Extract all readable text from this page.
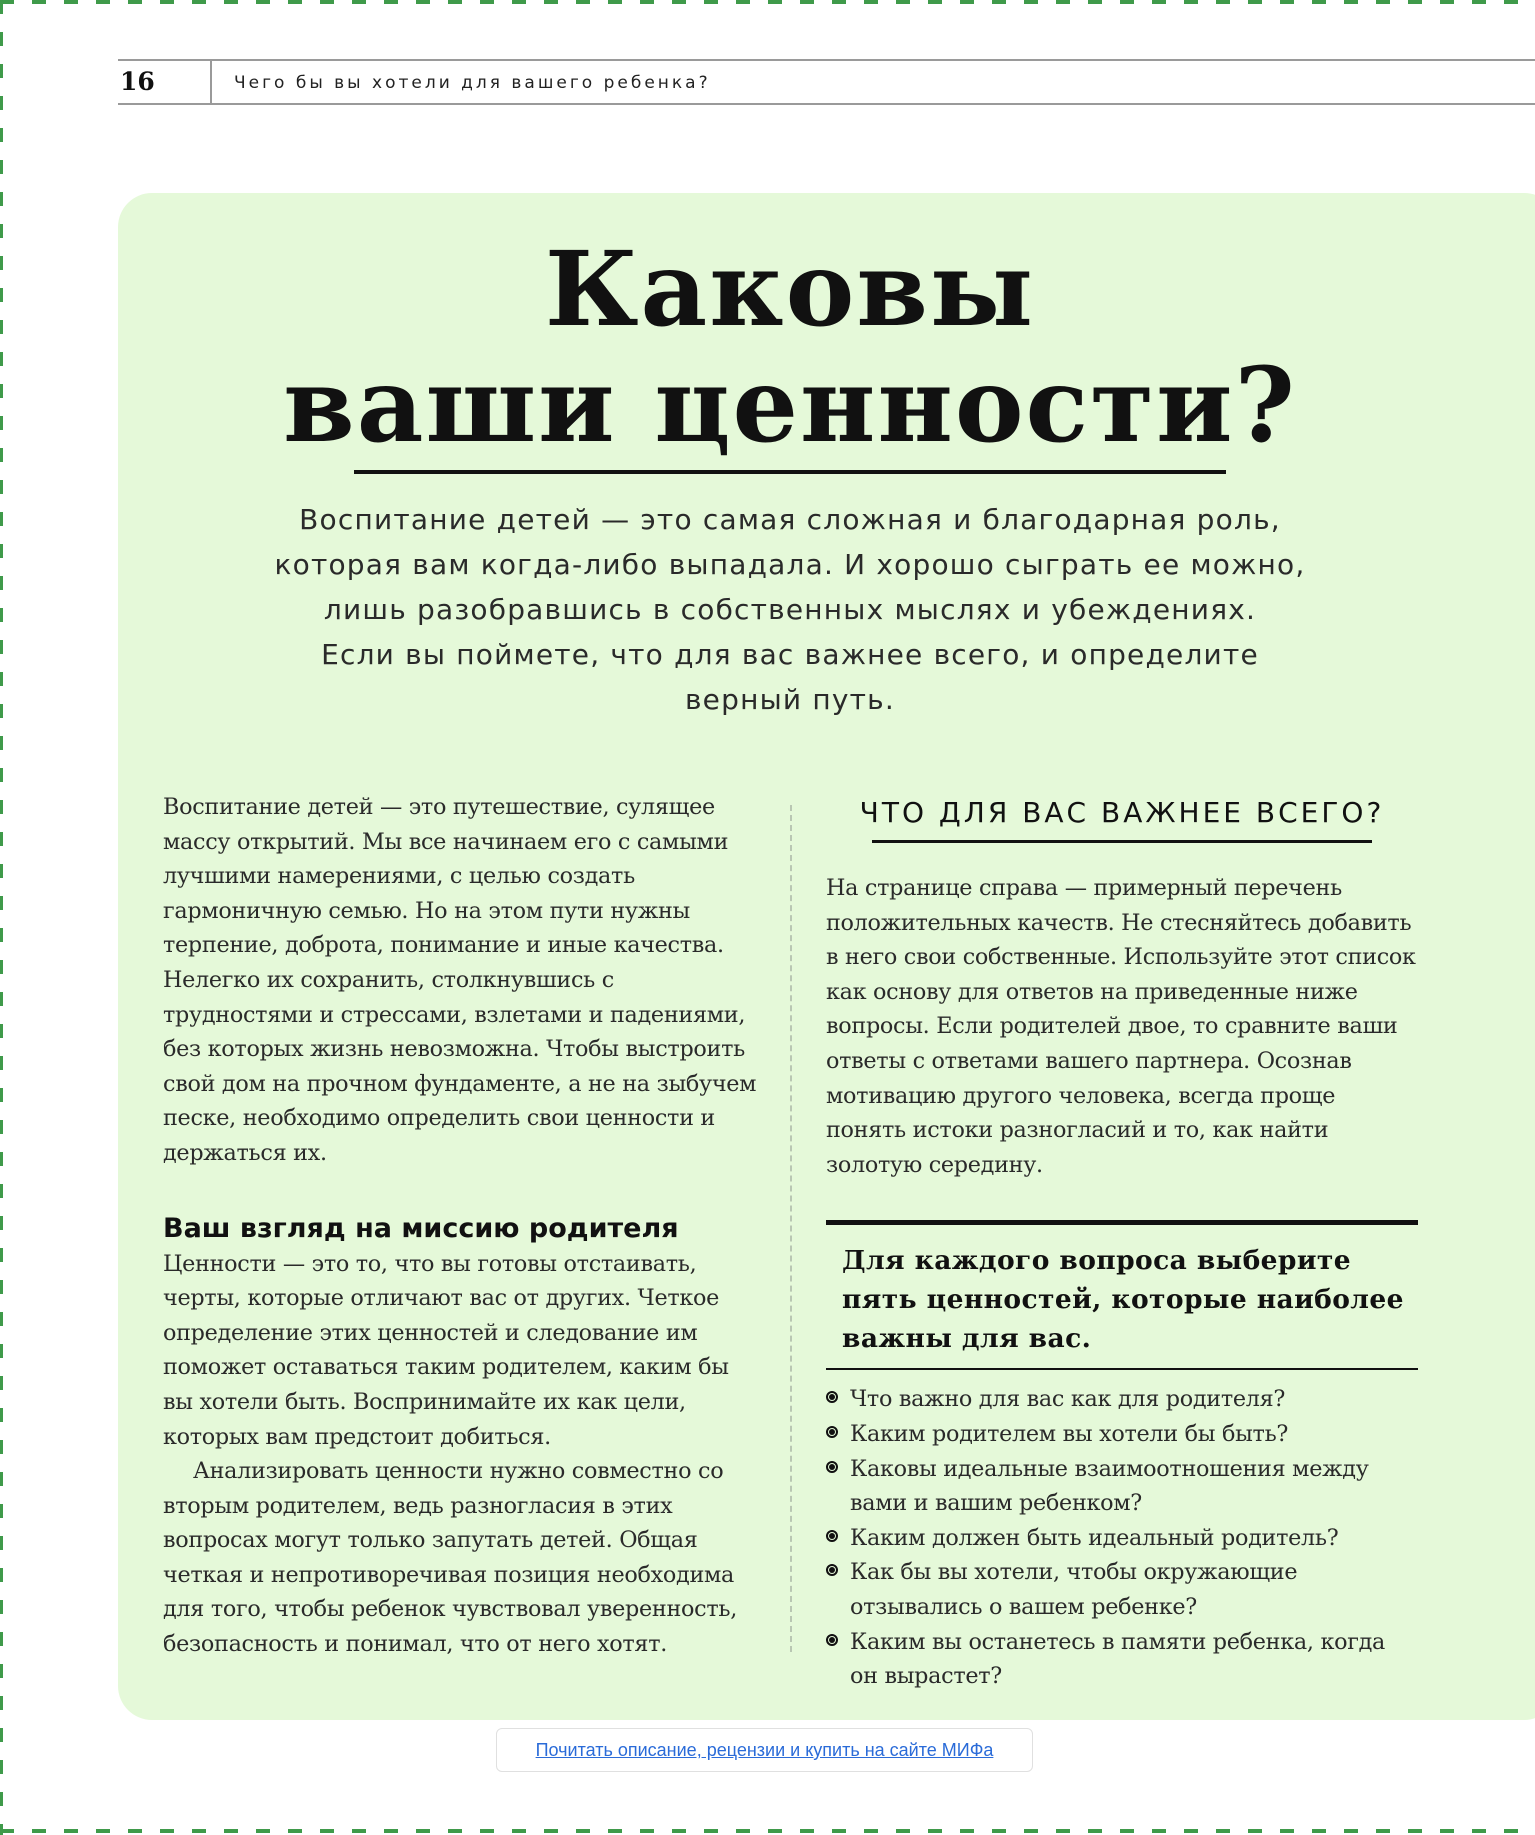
16	Чего бы вы хотели для вашего ребенка?
Каковы
ваши ценности?
Воспитание детей — это самая сложная и благодарная роль,
которая вам когда-либо выпадала. И хорошо сыграть ее можно,
лишь разобравшись в собственных мыслях и убеждениях.
Если вы поймете, что для вас важнее всего, и определите
верный путь.

Воспитание детей — это путешествие, сулящее массу открытий. Мы все начинаем его с самыми лучшими намерениями, с целью создать гармоничную семью. Но на этом пути нужны терпение, доброта, понимание и иные качества. Нелегко их сохранить, столкнувшись с трудностями и стрессами, взлетами и падениями, без которых жизнь невозможна. Чтобы выстроить свой дом на прочном фундаменте, а не на зыбучем песке, необходимо определить свои ценности и держаться их.

Ваш взгляд на миссию родителя

Ценности — это то, что вы готовы отстаивать, черты, которые отличают вас от других. Четкое определение этих ценностей и следование им поможет оставаться таким родителем, каким бы вы хотели быть. Воспринимайте их как цели, которых вам предстоит добиться.

Анализировать ценности нужно совместно со вторым родителем, ведь разногласия в этих вопросах могут только запутать детей. Общая четкая и непротиворечивая позиция необходима для того, чтобы ребенок чувствовал уверенность, безопасность и понимал, что от него хотят.

ЧТО ДЛЯ ВАС ВАЖНЕЕ ВСЕГО?

На странице справа — примерный перечень положительных качеств. Не стесняйтесь добавить в него свои собственные. Используйте этот список как основу для ответов на приведенные ниже вопросы. Если родителей двое, то сравните ваши ответы с ответами вашего партнера. Осознав мотивацию другого человека, всегда проще понять истоки разногласий и то, как найти золотую середину.

Для каждого вопроса выберите пять ценностей, которые наиболее важны для вас.
Что важно для вас как для родителя?
Каким родителем вы хотели бы быть?
Каковы идеальные взаимоотношения между вами и вашим ребенком?
Каким должен быть идеальный родитель?
Как бы вы хотели, чтобы окружающие отзывались о вашем ребенке?
Каким вы останетесь в памяти ребенка, когда он вырастет?
Почитать описание, рецензии и купить на сайте МИФа
